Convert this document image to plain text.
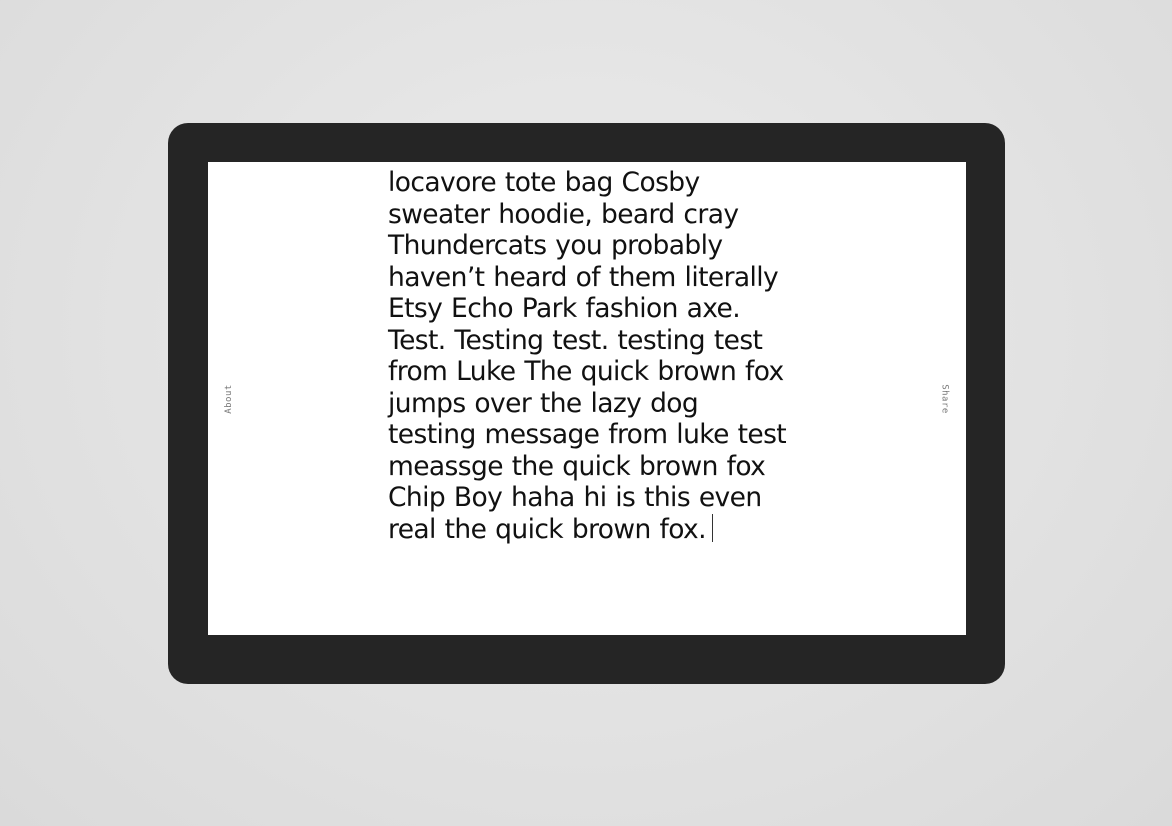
About
locavore tote bag Cosby sweater hoodie, beard cray Thundercats you probably haven’t heard of them literally Etsy Echo Park fashion axe. Test. Testing test. testing test from Luke The quick brown fox jumps over the lazy dog testing message from luke test meassge the quick brown fox Chip Boy haha hi is this even real the quick brown fox.
Share
